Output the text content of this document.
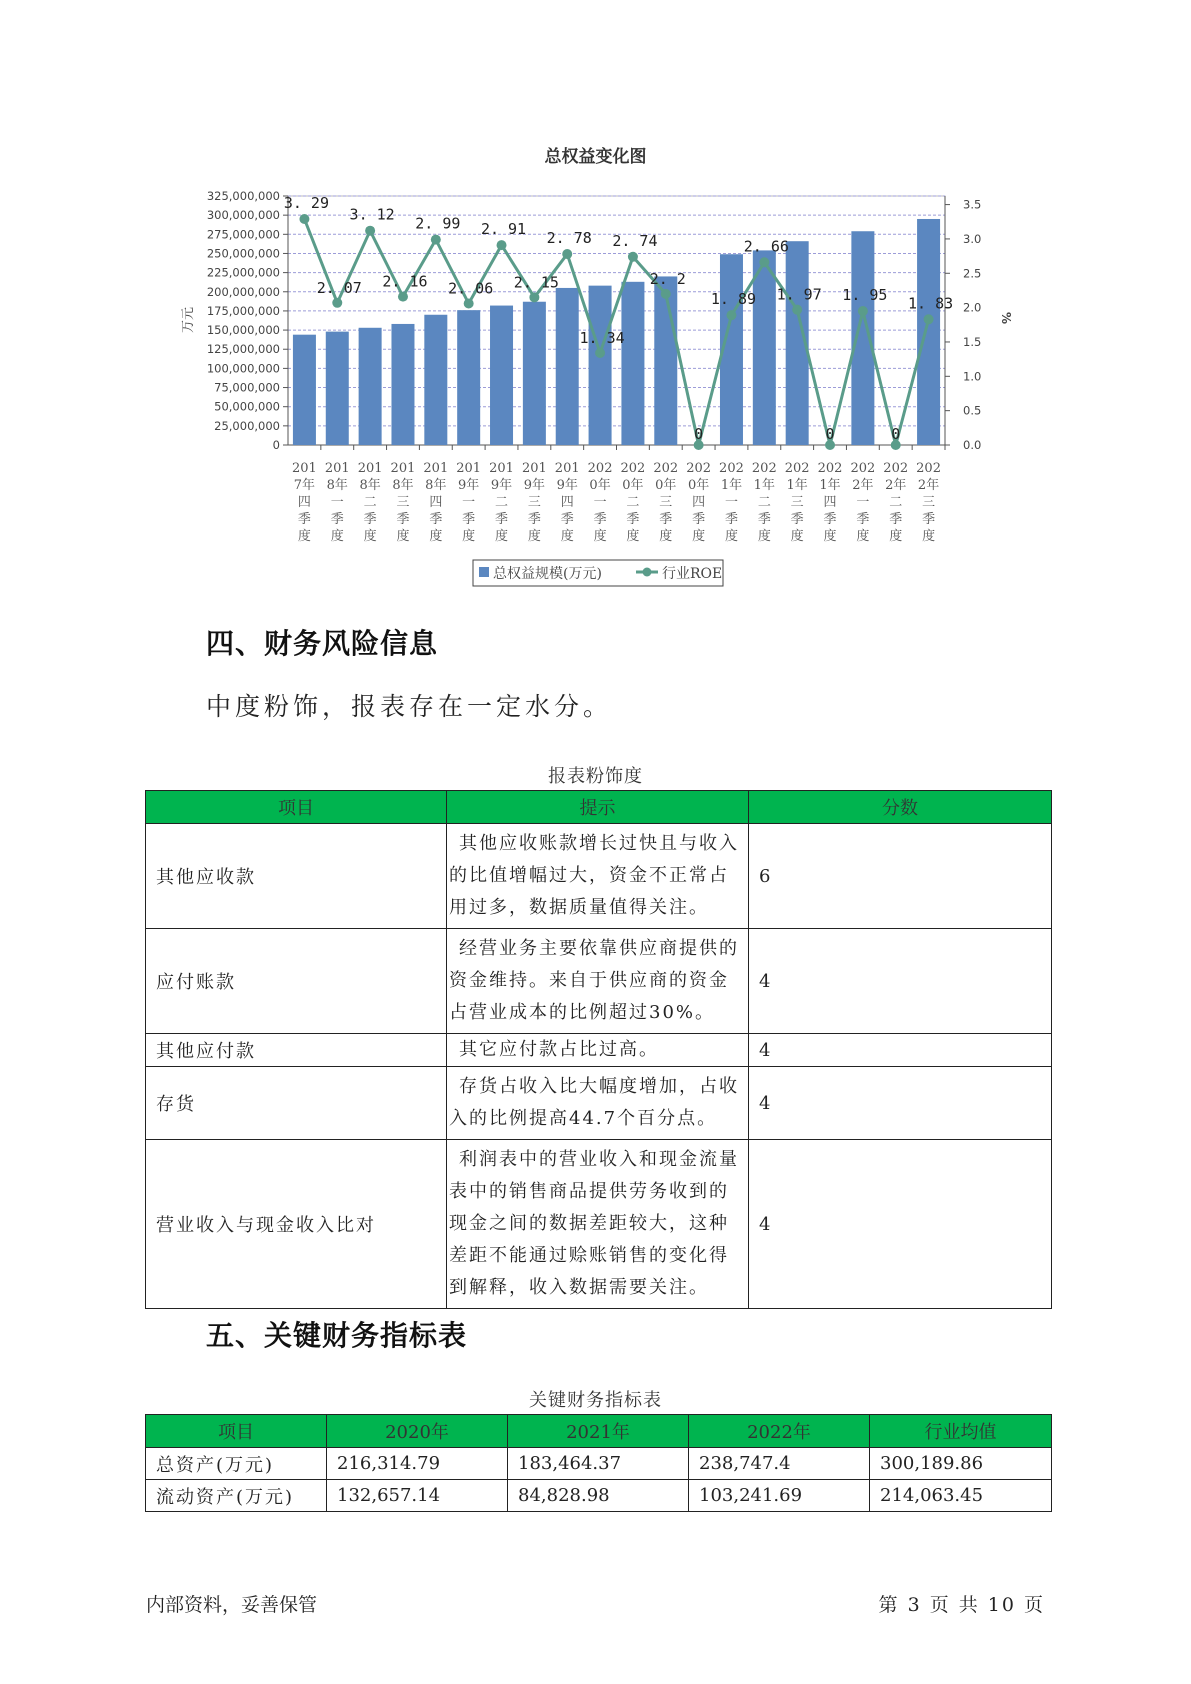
总权益变化图
0
25,000,000
50,000,000
75,000,000
100,000,000
125,000,000
150,000,000
175,000,000
200,000,000
225,000,000
250,000,000
275,000,000
300,000,000
325,000,000
0.0
0.5
1.0
1.5
2.0
2.5
3.0
3.5
万元	%
3. 29
2. 07
3. 12
2. 16
2. 99
2. 06
2. 91
2. 15
2. 78
1. 34
2. 74
2. 2
0
1. 89
2. 66
1. 97
0
1. 95
0
1. 83
201
7年
四
季
度
201
8年
一
季
度
201
8年
二
季
度
201
8年
三
季
度
201
8年
四
季
度
201
9年
一
季
度
201
9年
二
季
度
201
9年
三
季
度
201
9年
四
季
度
202
0年
一
季
度
202
0年
二
季
度
202
0年
三
季
度
202
0年
四
季
度
202
1年
一
季
度
202
1年
二
季
度
202
1年
三
季
度
202
1年
四
季
度
202
2年
一
季
度
202
2年
二
季
度
202
2年
三
季
度
总权益规模(万元)	行业ROE
四、财务风险信息
中度粉饰，报表存在一定水分。
报表粉饰度
项目	提示	分数
其他应收款	其他应收账款增长过快且与收入的比值增幅过大，资金不正常占用过多，数据质量值得关注。	6
应付账款	经营业务主要依靠供应商提供的资金维持。来自于供应商的资金占营业成本的比例超过30%。	4
其他应付款	其它应付款占比过高。	4
存货	存货占收入比大幅度增加，占收入的比例提高44.7个百分点。	4
营业收入与现金收入比对	利润表中的营业收入和现金流量表中的销售商品提供劳务收到的现金之间的数据差距较大，这种差距不能通过赊账销售的变化得到解释，收入数据需要关注。	4
五、关键财务指标表
关键财务指标表
项目	2020年	2021年	2022年	行业均值
总资产(万元)	216,314.79	183,464.37	238,747.4	300,189.86
流动资产(万元)	132,657.14	84,828.98	103,241.69	214,063.45
内部资料，妥善保管	第 3 页 共 10 页
